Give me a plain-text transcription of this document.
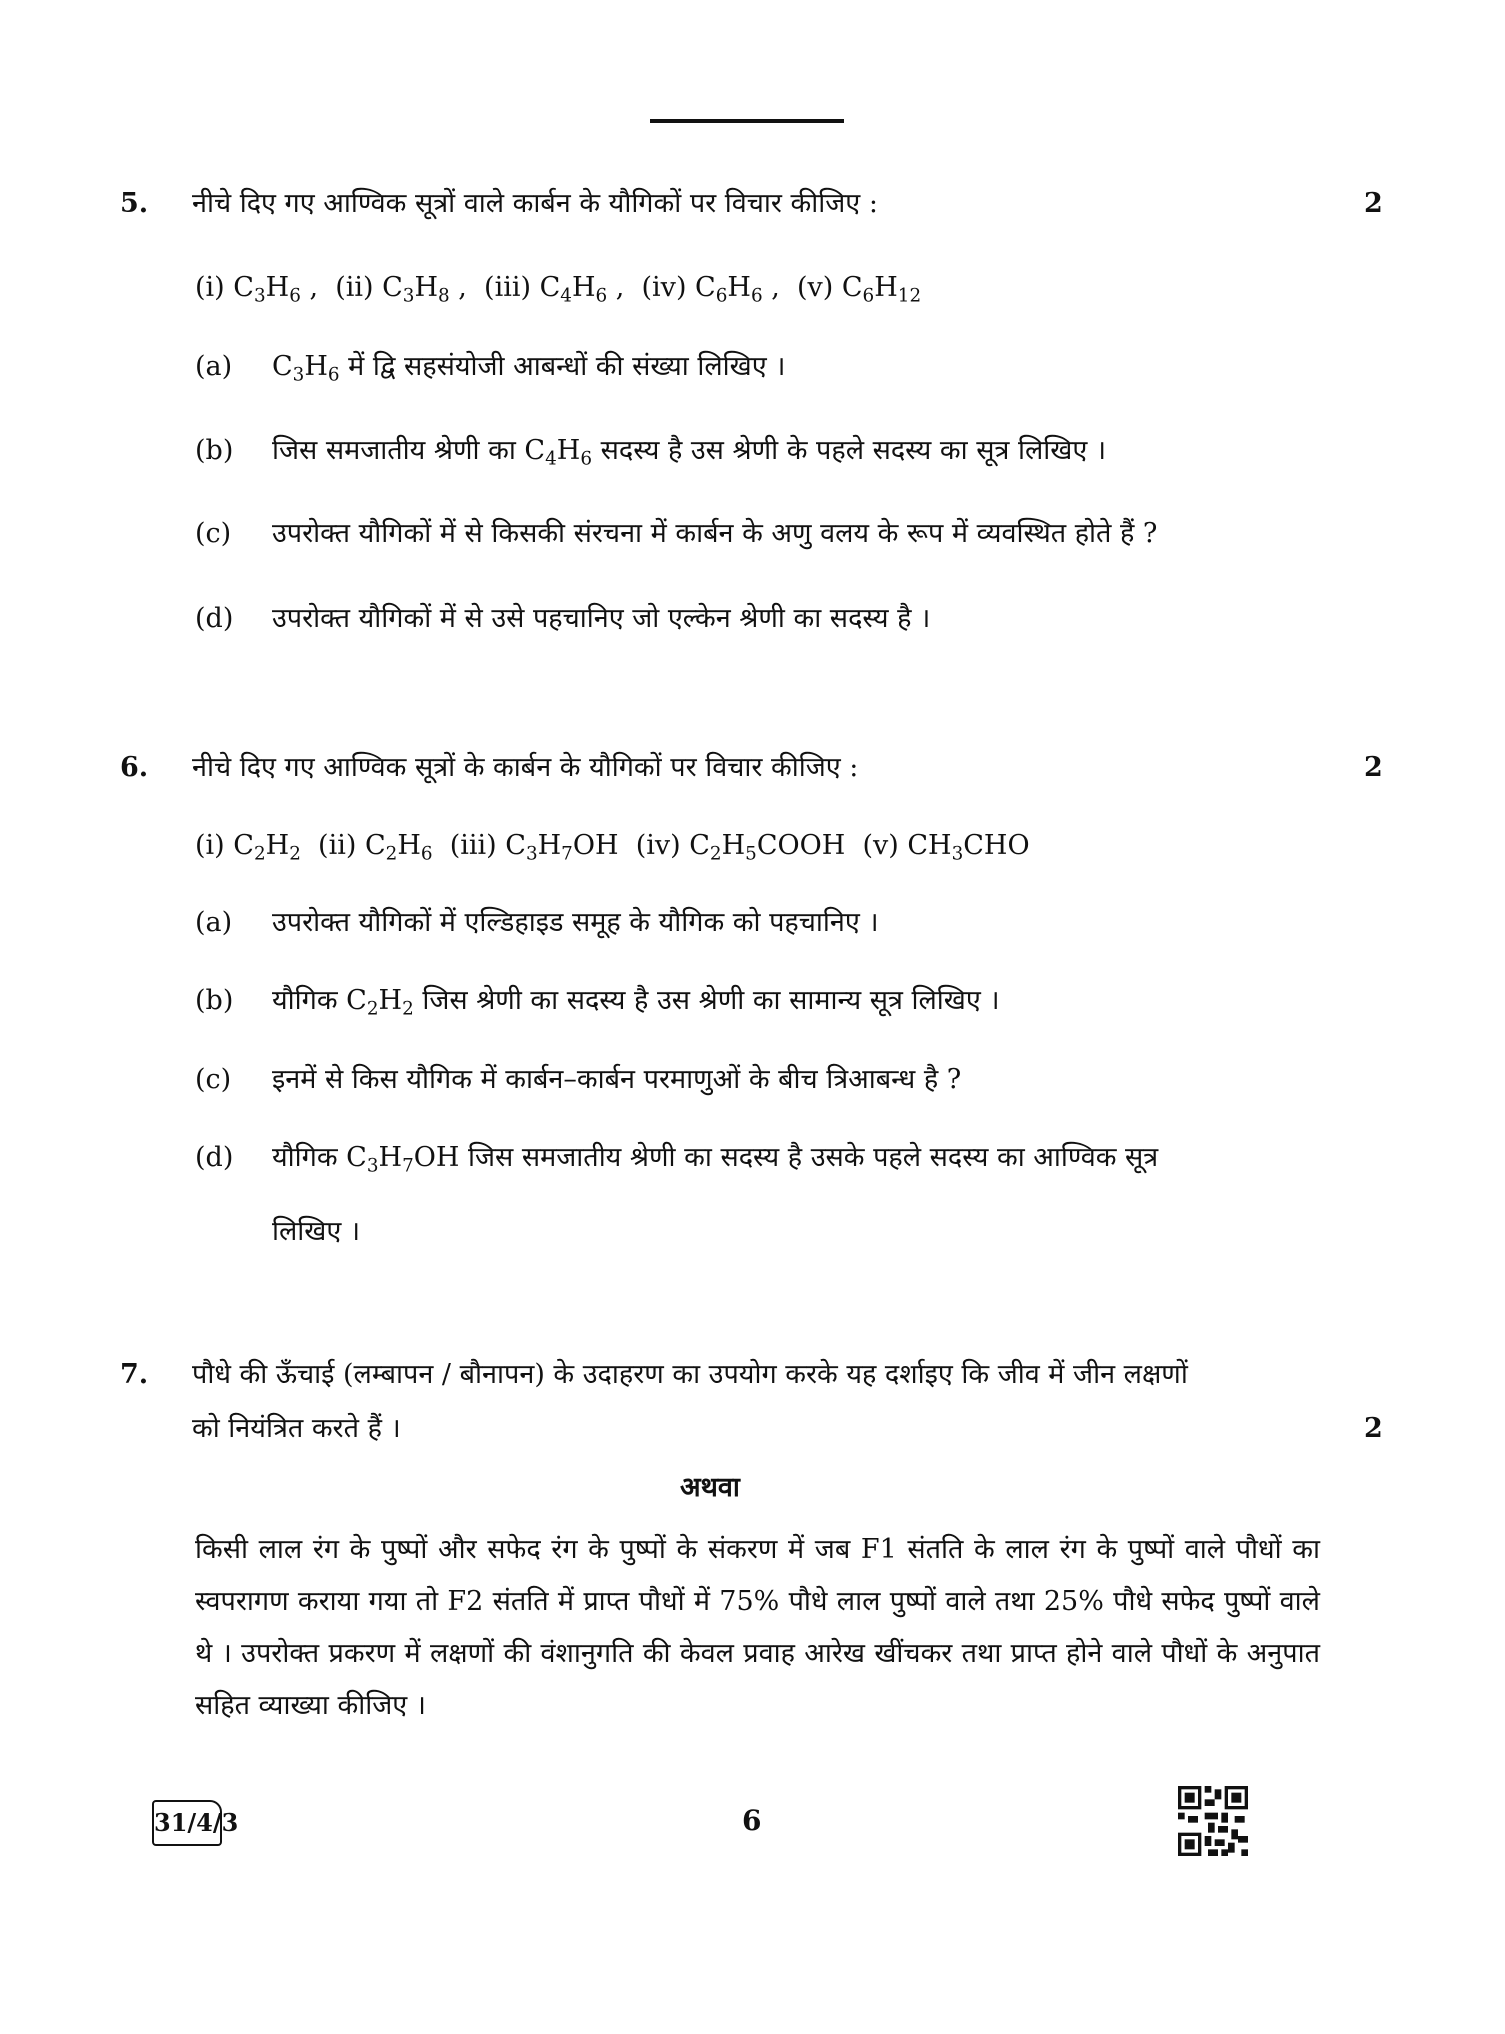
5. नीचे दिए गए आण्विक सूत्रों वाले कार्बन के यौगिकों पर विचार कीजिए :	2
(i) $C_3H_6$ ,  (ii) $C_3H_8$ ,  (iii) $C_4H_6$ ,  (iv) $C_6H_6$ ,  (v) $C_6H_{12}$
(a) $C_3H_6$ में द्वि सहसंयोजी आबन्धों की संख्या लिखिए ।
(b) जिस समजातीय श्रेणी का $C_4H_6$ सदस्य है उस श्रेणी के पहले सदस्य का सूत्र लिखिए ।
(c) उपरोक्त यौगिकों में से किसकी संरचना में कार्बन के अणु वलय के रूप में व्यवस्थित होते हैं ?
(d) उपरोक्त यौगिकों में से उसे पहचानिए जो एल्केन श्रेणी का सदस्य है ।
6. नीचे दिए गए आण्विक सूत्रों के कार्बन के यौगिकों पर विचार कीजिए :	2
(i) $C_2H_2$  (ii) $C_2H_6$  (iii) $C_3H_7OH$  (iv) $C_2H_5COOH$  (v) $CH_3CHO$
(a) उपरोक्त यौगिकों में एल्डिहाइड समूह के यौगिक को पहचानिए ।
(b) यौगिक $C_2H_2$ जिस श्रेणी का सदस्य है उस श्रेणी का सामान्य सूत्र लिखिए ।
(c) इनमें से किस यौगिक में कार्बन–कार्बन परमाणुओं के बीच त्रिआबन्ध है ?
(d) यौगिक $C_3H_7OH$ जिस समजातीय श्रेणी का सदस्य है उसके पहले सदस्य का आण्विक सूत्र
लिखिए ।
7. पौधे की ऊँचाई (लम्बापन / बौनापन) के उदाहरण का उपयोग करके यह दर्शाइए कि जीव में जीन लक्षणों
को नियंत्रित करते हैं ।	2
अथवा
किसी लाल रंग के पुष्पों और सफेद रंग के पुष्पों के संकरण में जब F1 संतति के लाल रंग के पुष्पों वाले पौधों का स्वपरागण कराया गया तो F2 संतति में प्राप्त पौधों में 75% पौधे लाल पुष्पों वाले तथा 25% पौधे सफेद पुष्पों वाले थे । उपरोक्त प्रकरण में लक्षणों की वंशानुगति की केवल प्रवाह आरेख खींचकर तथा प्राप्त होने वाले पौधों के अनुपात सहित व्याख्या कीजिए ।
31/4/3	6
